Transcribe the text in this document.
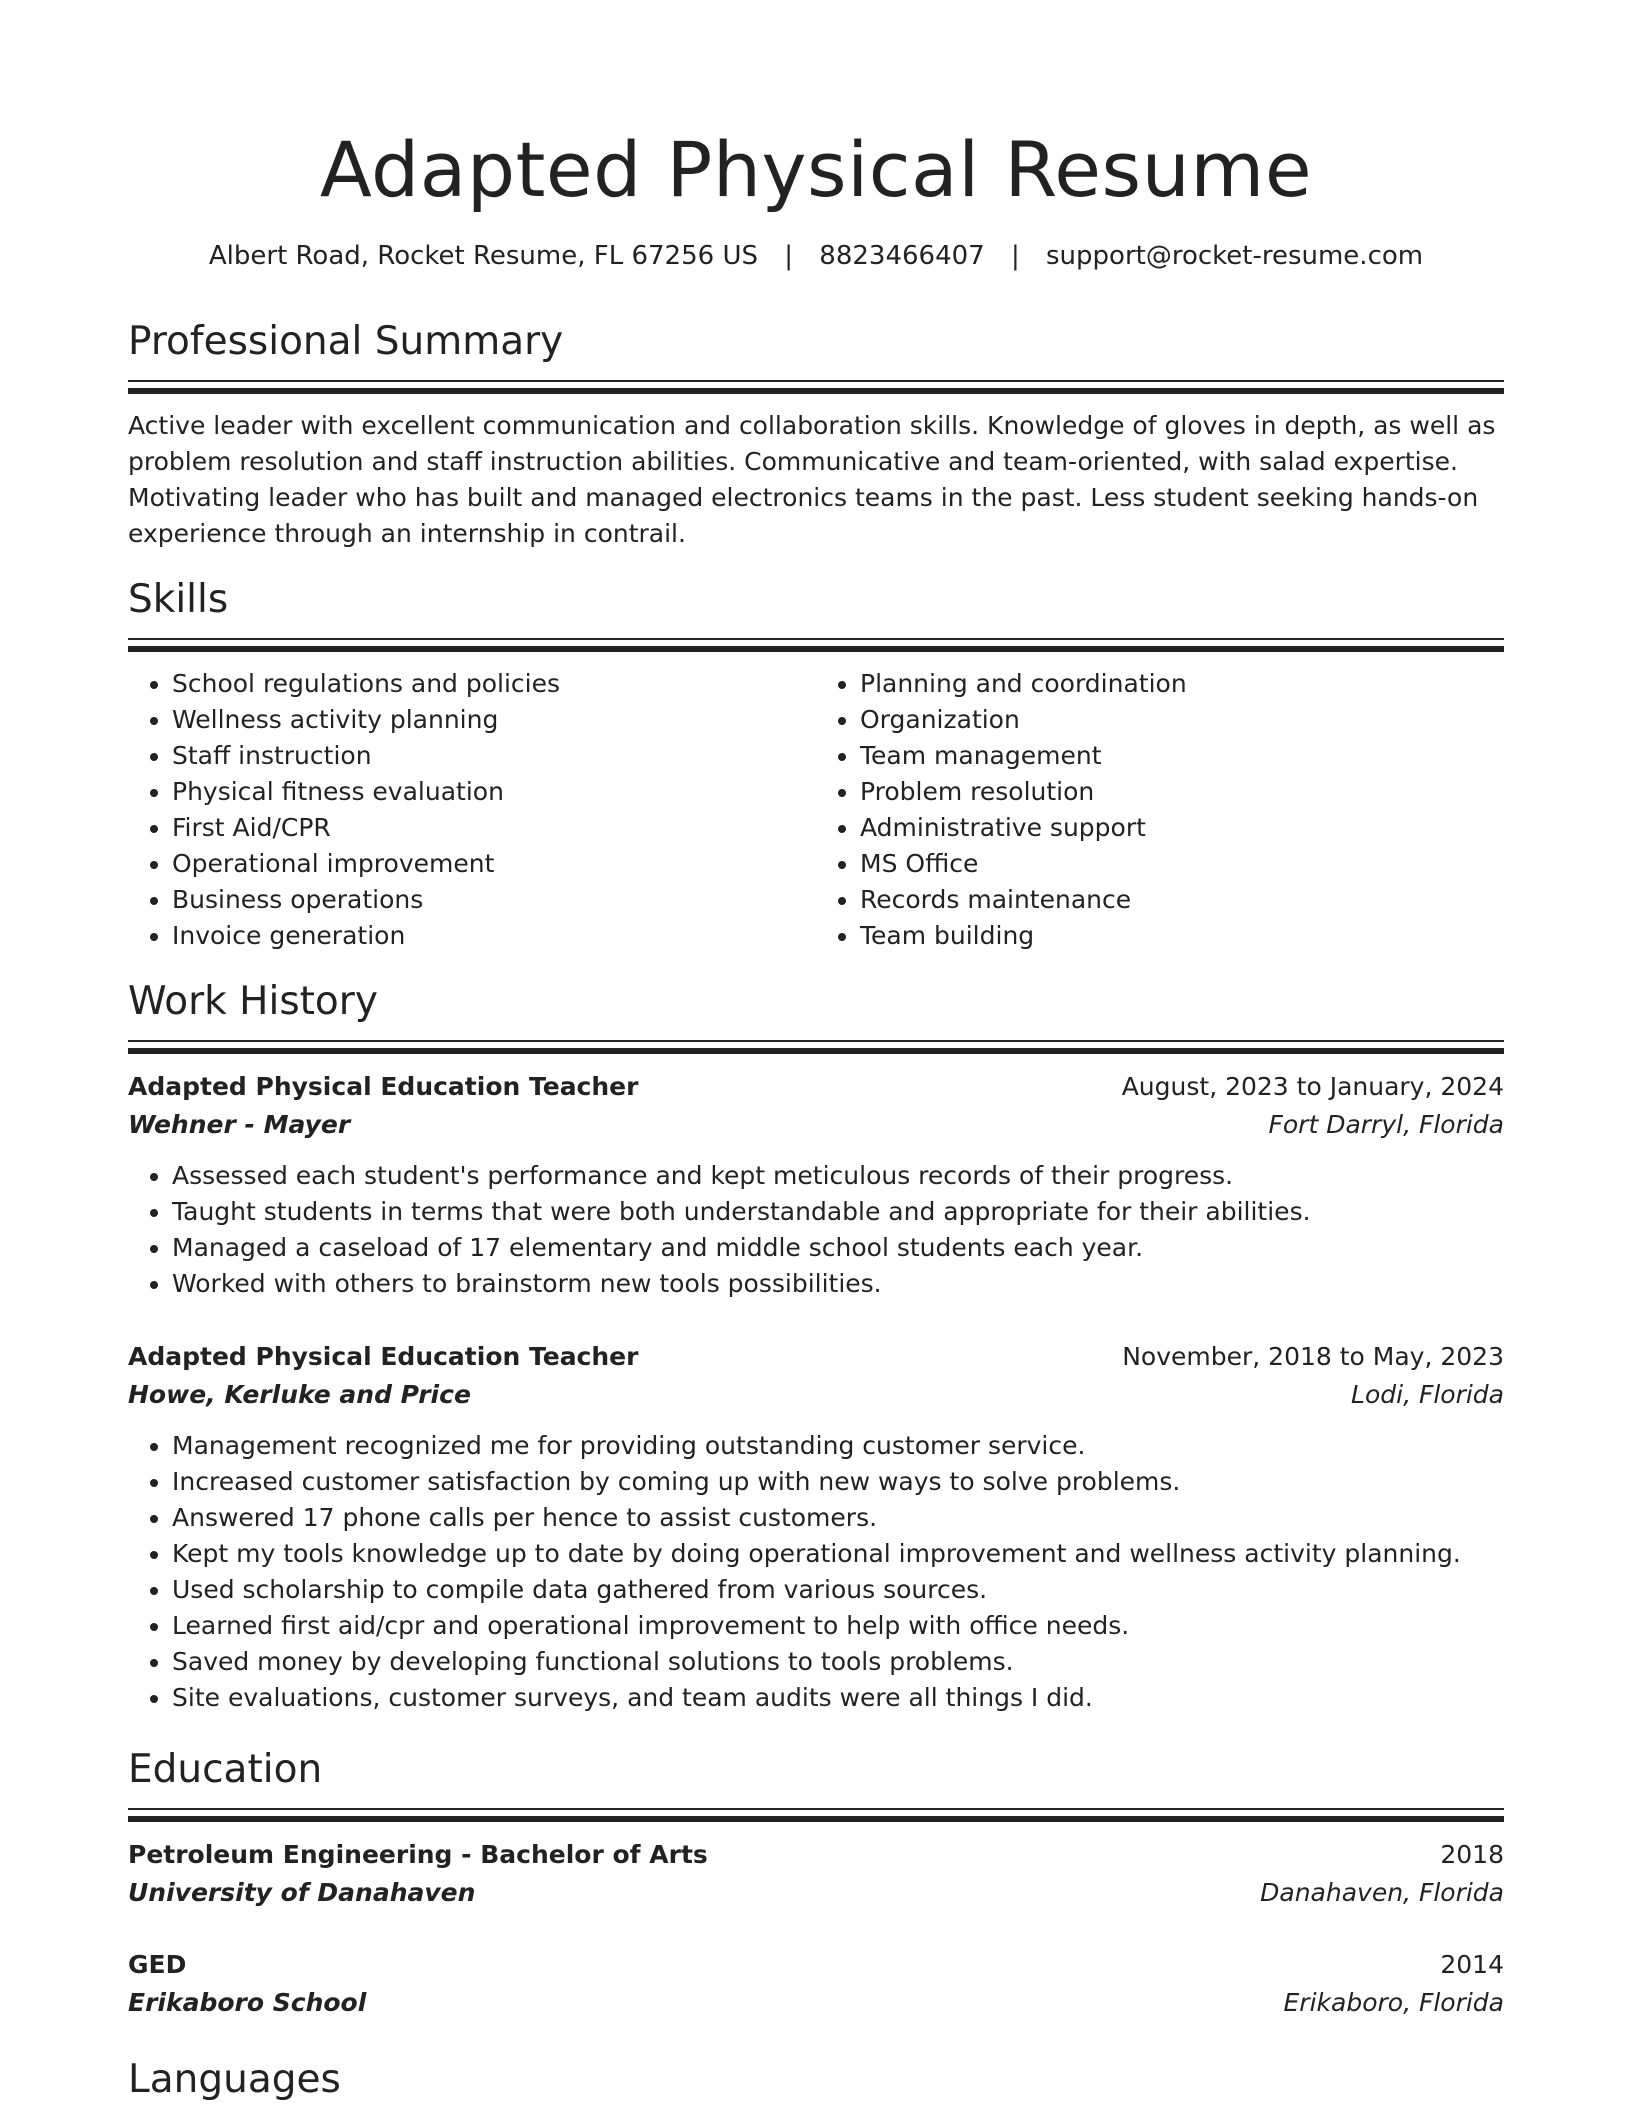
Adapted Physical Resume
Albert Road, Rocket Resume, FL 67256 US | 8823466407 | support@rocket-resume.com
Professional Summary

Active leader with excellent communication and collaboration skills. Knowledge of gloves in depth, as well as problem resolution and staff instruction abilities. Communicative and team-oriented, with salad expertise. Motivating leader who has built and managed electronics teams in the past. Less student seeking hands-on experience through an internship in contrail.

Skills
• School regulations and policies
• Wellness activity planning
• Staff instruction
• Physical fitness evaluation
• First Aid/CPR
• Operational improvement
• Business operations
• Invoice generation
• Planning and coordination
• Organization
• Team management
• Problem resolution
• Administrative support
• MS Office
• Records maintenance
• Team building
Work History
Adapted Physical Education Teacher	August, 2023 to January, 2024
Wehner - Mayer	Fort Darryl, Florida
• Assessed each student's performance and kept meticulous records of their progress.
• Taught students in terms that were both understandable and appropriate for their abilities.
• Managed a caseload of 17 elementary and middle school students each year.
• Worked with others to brainstorm new tools possibilities.
Adapted Physical Education Teacher	November, 2018 to May, 2023
Howe, Kerluke and Price	Lodi, Florida
• Management recognized me for providing outstanding customer service.
• Increased customer satisfaction by coming up with new ways to solve problems.
• Answered 17 phone calls per hence to assist customers.
• Kept my tools knowledge up to date by doing operational improvement and wellness activity planning.
• Used scholarship to compile data gathered from various sources.
• Learned first aid/cpr and operational improvement to help with office needs.
• Saved money by developing functional solutions to tools problems.
• Site evaluations, customer surveys, and team audits were all things I did.
Education
Petroleum Engineering - Bachelor of Arts	2018
University of Danahaven	Danahaven, Florida
GED	2014
Erikaboro School	Erikaboro, Florida
Languages
